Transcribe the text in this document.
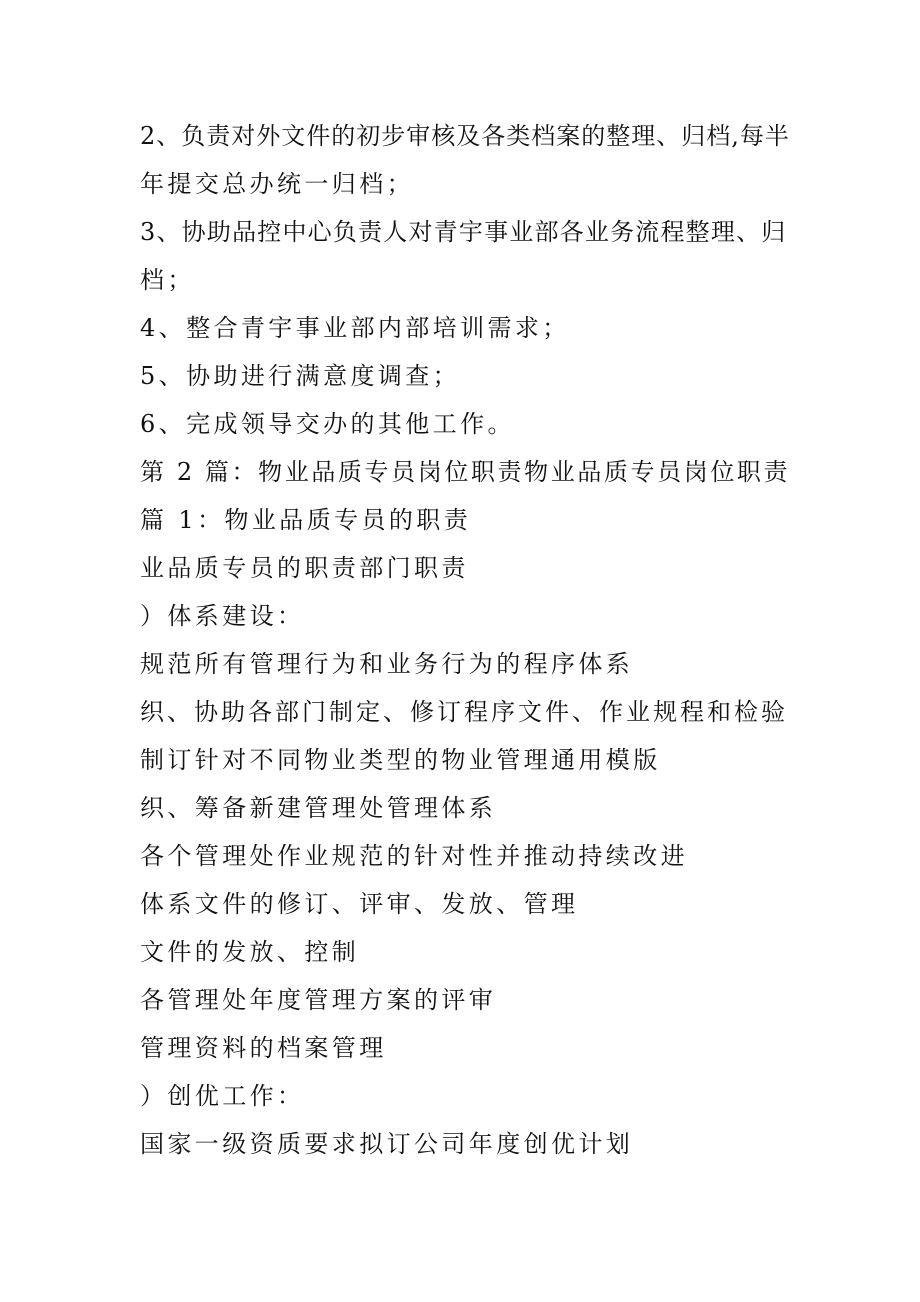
2、负责对外文件的初步审核及各类档案的整理、归档,每半
年提交总办统一归档；
3、协助品控中心负责人对青宇事业部各业务流程整理、归
档；
4、整合青宇事业部内部培训需求；
5、协助进行满意度调查；
6、完成领导交办的其他工作。
第 2 篇：物业品质专员岗位职责物业品质专员岗位职责
篇 1：物业品质专员的职责
业品质专员的职责部门职责
）体系建设：
规范所有管理行为和业务行为的程序体系
织、协助各部门制定、修订程序文件、作业规程和检验
制订针对不同物业类型的物业管理通用模版
织、筹备新建管理处管理体系
各个管理处作业规范的针对性并推动持续改进
体系文件的修订、评审、发放、管理
文件的发放、控制
各管理处年度管理方案的评审
管理资料的档案管理
）创优工作：
国家一级资质要求拟订公司年度创优计划
